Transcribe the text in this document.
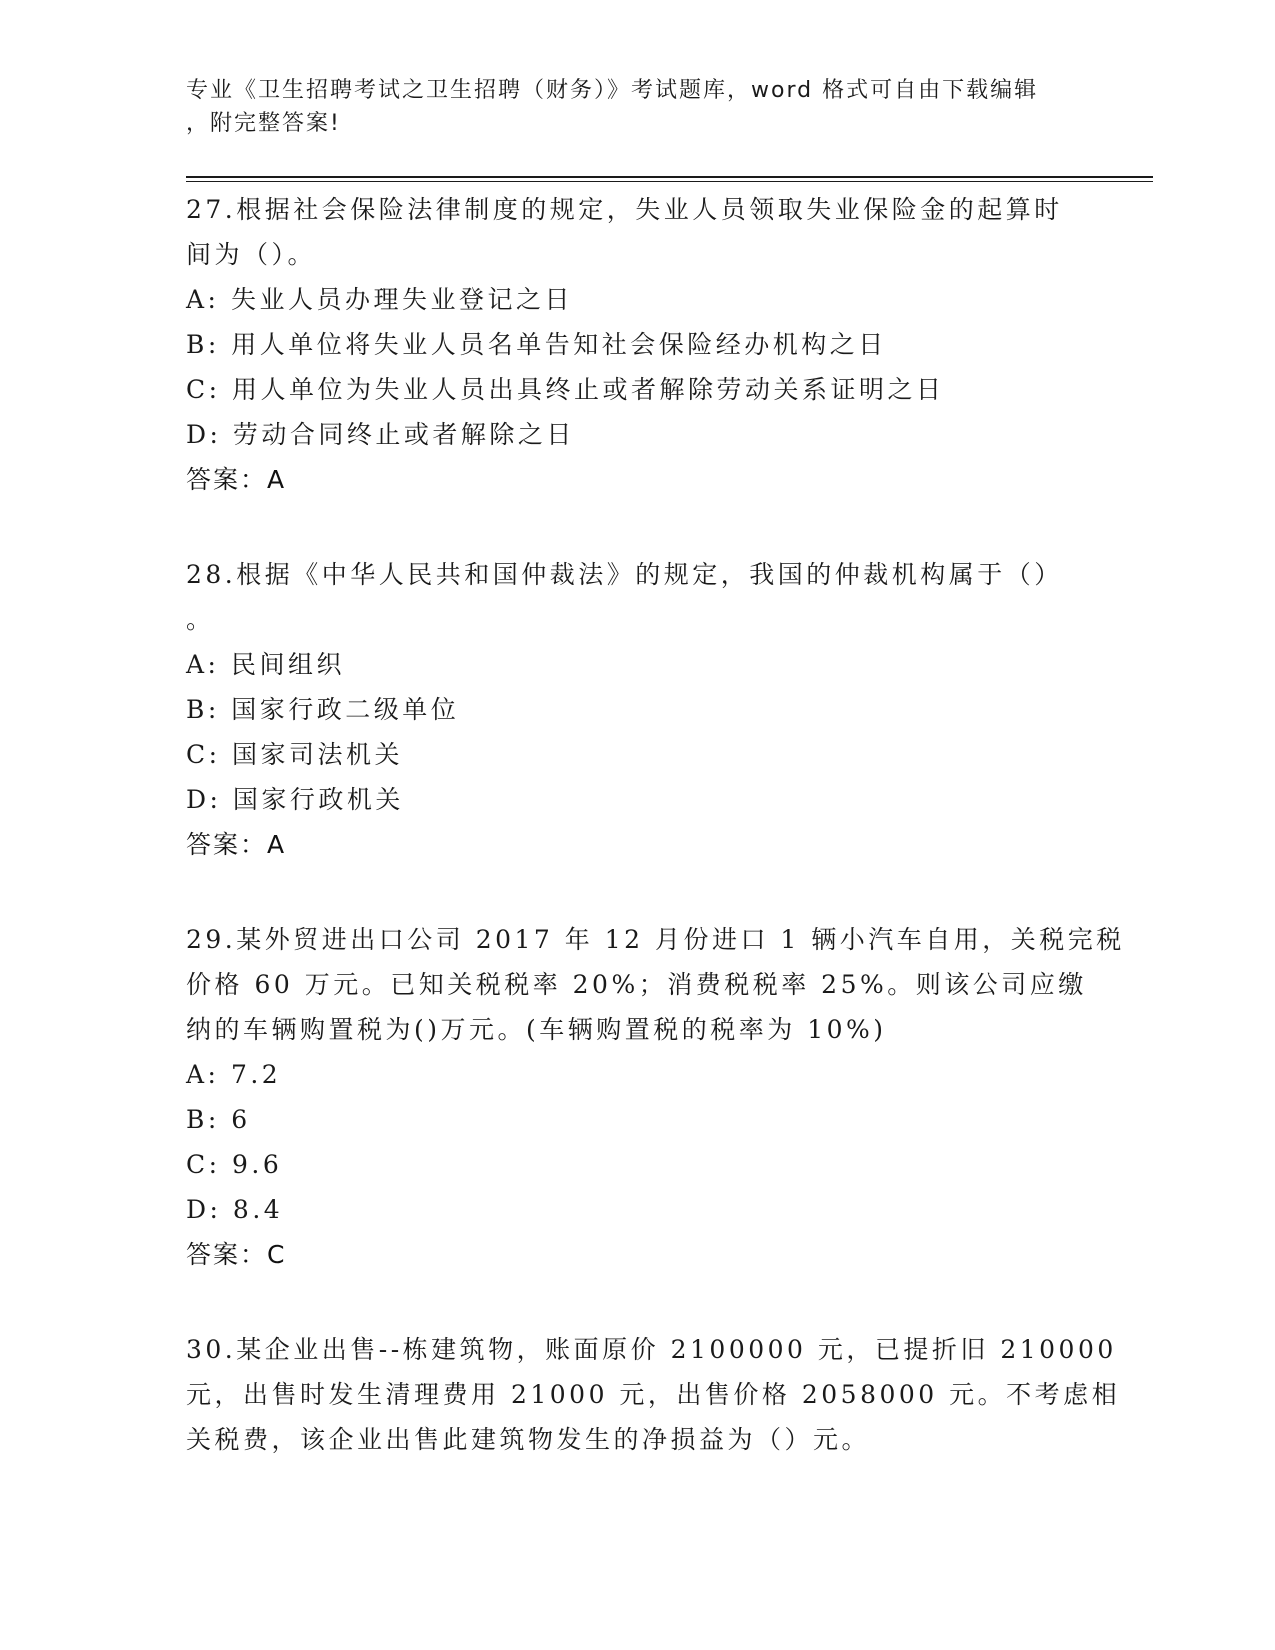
专业《卫生招聘考试之卫生招聘（财务）》考试题库，word 格式可自由下载编辑
，附完整答案!
27.根据社会保险法律制度的规定，失业人员领取失业保险金的起算时
间为（）。
A: 失业人员办理失业登记之日
B: 用人单位将失业人员名单告知社会保险经办机构之日
C: 用人单位为失业人员出具终止或者解除劳动关系证明之日
D: 劳动合同终止或者解除之日
答案：A
28.根据《中华人民共和国仲裁法》的规定，我国的仲裁机构属于（）
。
A: 民间组织
B: 国家行政二级单位
C: 国家司法机关
D: 国家行政机关
答案：A
29.某外贸进出口公司 2017 年 12 月份进口 1 辆小汽车自用，关税完税
价格 60 万元。已知关税税率 20%；消费税税率 25%。则该公司应缴
纳的车辆购置税为()万元。(车辆购置税的税率为 10%)
A: 7.2
B: 6
C: 9.6
D: 8.4
答案：C
30.某企业出售--栋建筑物，账面原价 2100000 元，已提折旧 210000
元，出售时发生清理费用 21000 元，出售价格 2058000 元。不考虑相
关税费，该企业出售此建筑物发生的净损益为（）元。
